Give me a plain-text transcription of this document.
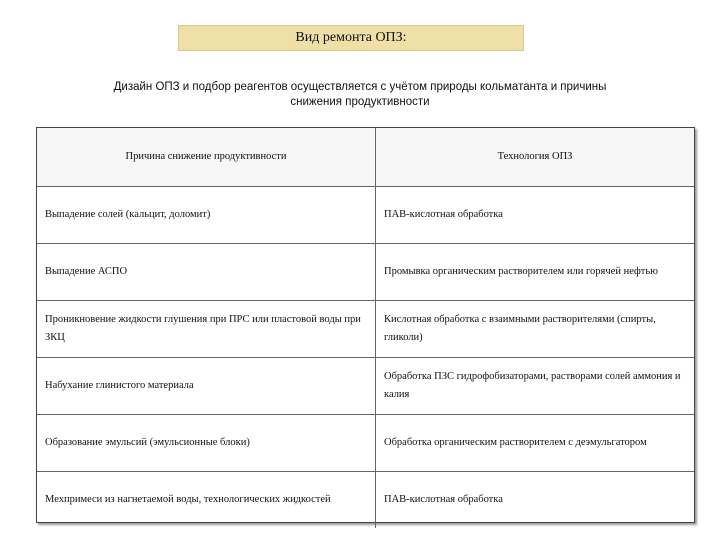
Вид ремонта ОПЗ:
Дизайн ОПЗ и подбор реагентов осуществляется с учётом природы кольматанта и причины
снижения продуктивности
Причина снижение продуктивности	Технология ОПЗ
Выпадение солей (кальцит, доломит)	ПАВ-кислотная обработка
Выпадение АСПО	Промывка органическим растворителем или горячей нефтью
Проникновение жидкости глушения при ПРС или пластовой воды при ЗКЦ	Кислотная обработка с взаимными растворителями (спирты, гликоли)
Набухание глинистого материала	Обработка ПЗС гидрофобизаторами, растворами солей аммония и калия
Образование эмульсий (эмульсионные блоки)	Обработка органическим растворителем с деэмульгатором
Мехпримеси из нагнетаемой воды, технологических жидкостей	ПАВ-кислотная обработка
